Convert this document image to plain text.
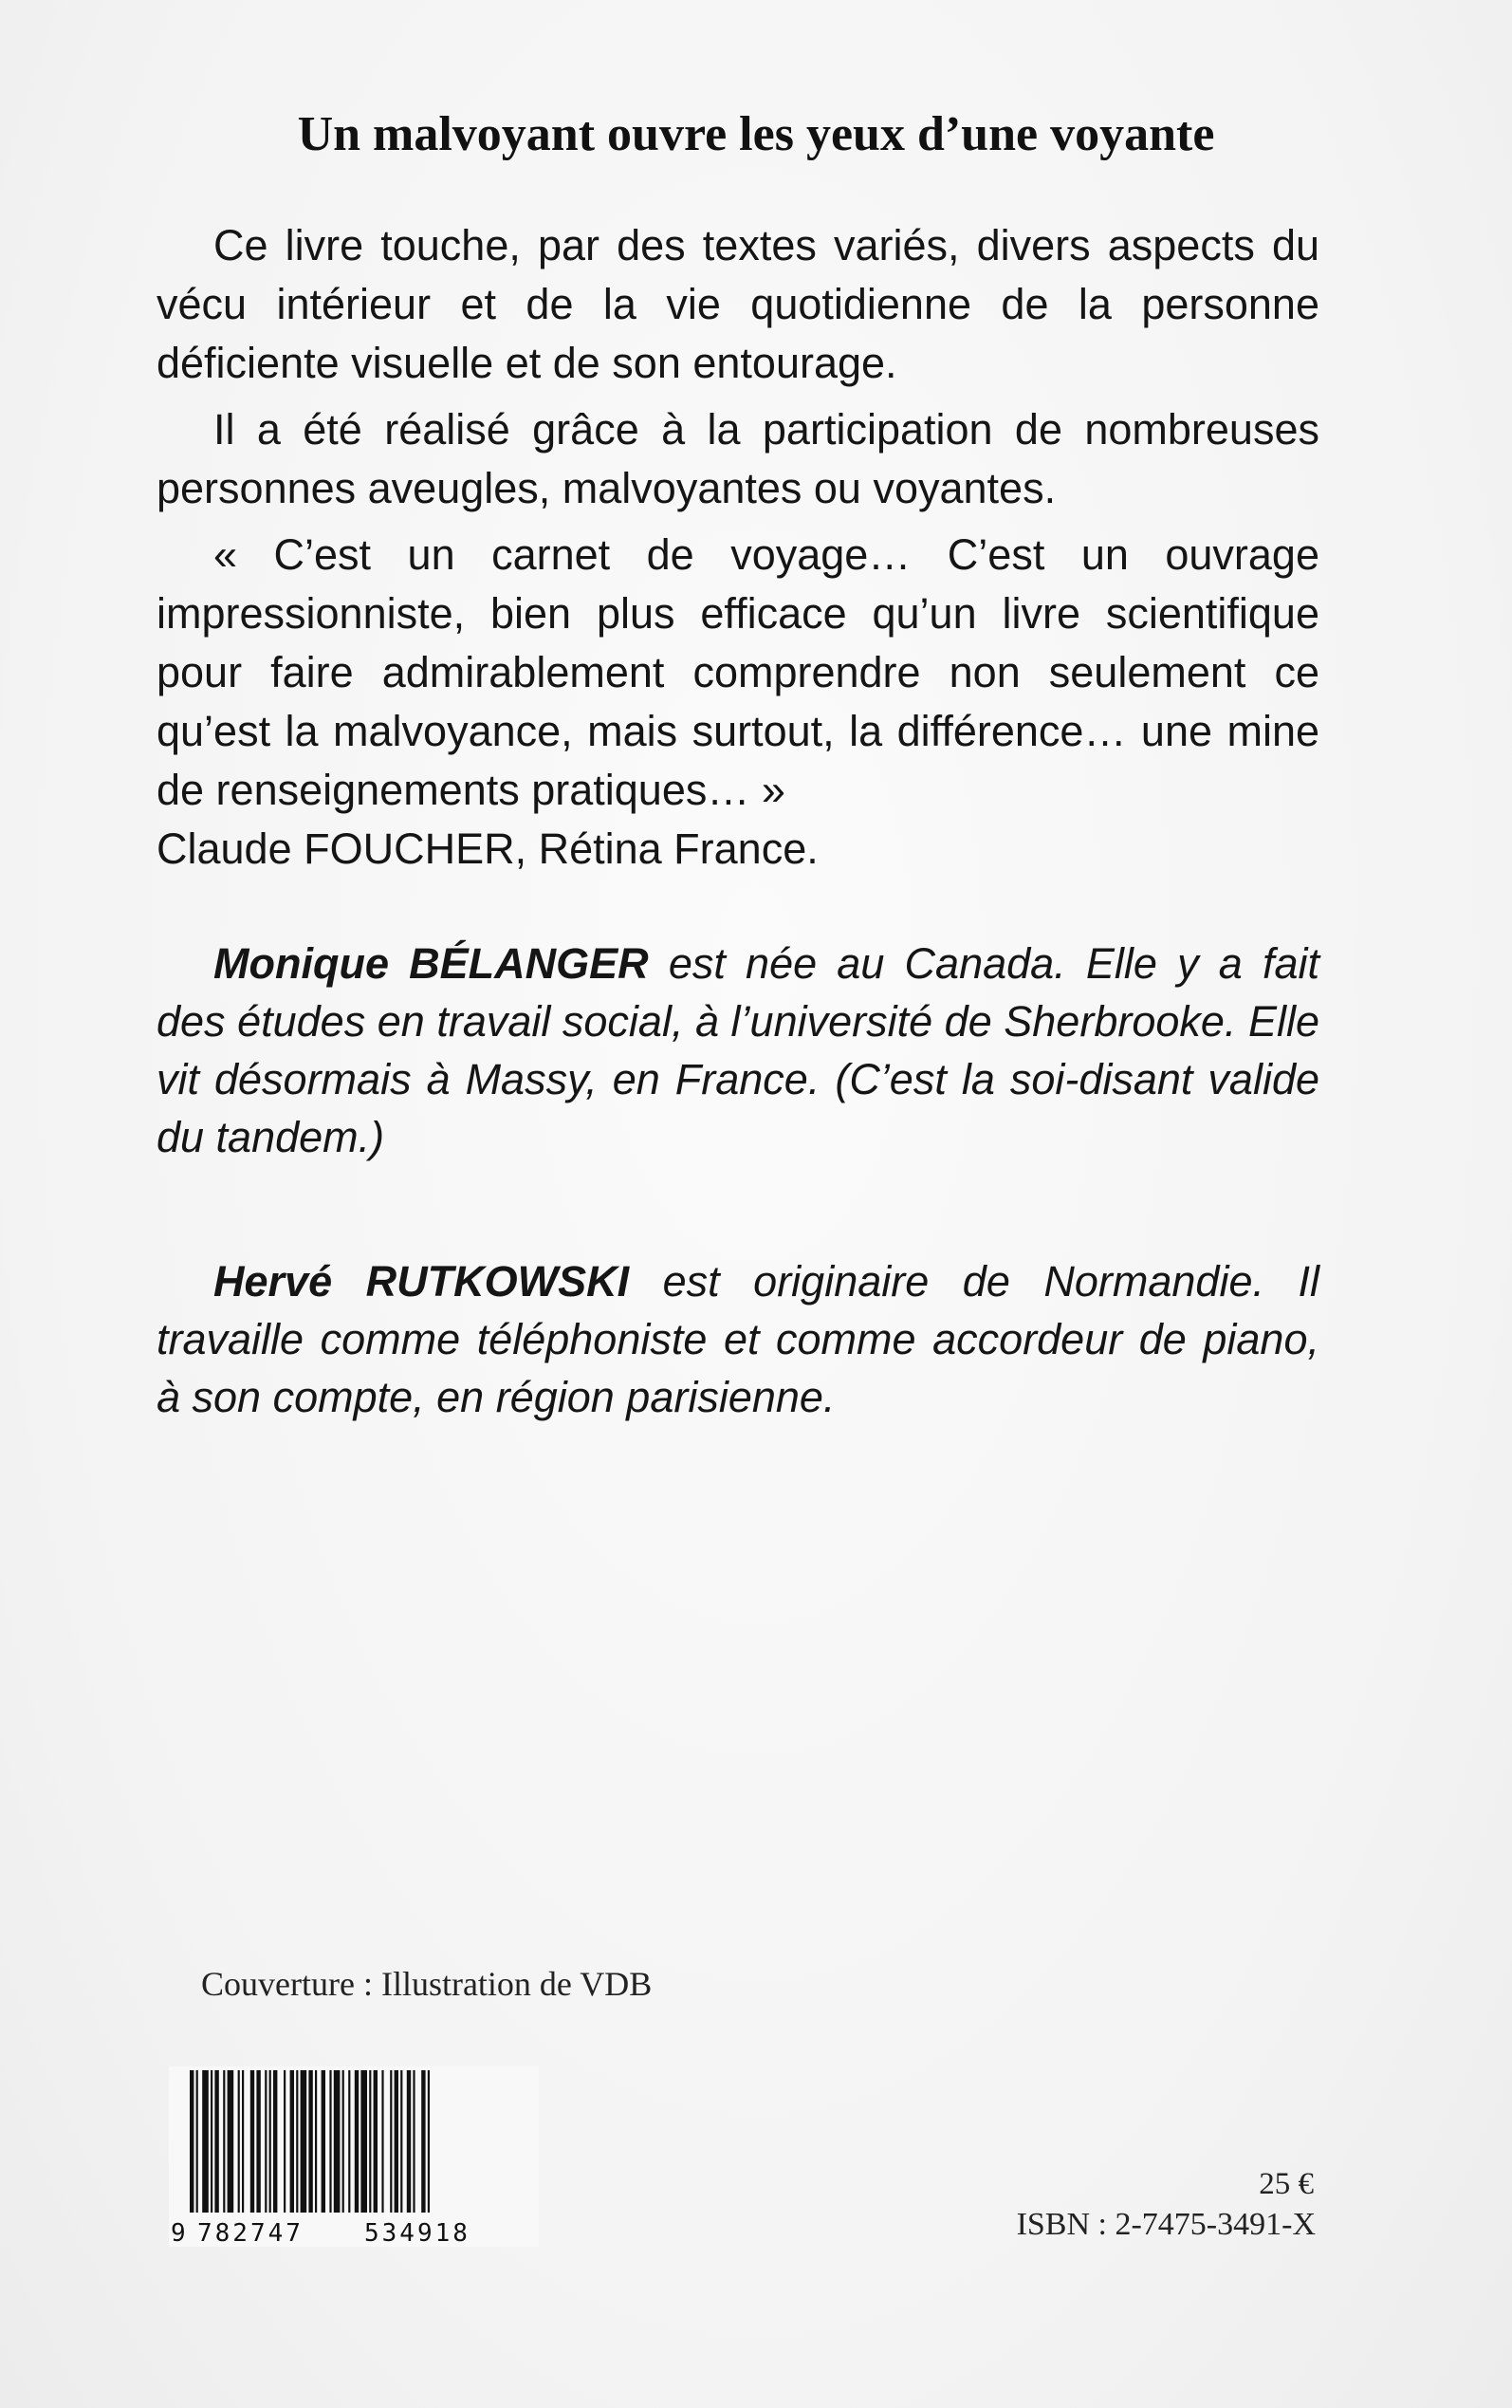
Un malvoyant ouvre les yeux d’une voyante

Ce livre touche, par des textes variés, divers aspects du vécu intérieur et de la vie quotidienne de la personne déficiente visuelle et de son entourage.

Il a été réalisé grâce à la participation de nombreuses personnes aveugles, malvoyantes ou voyantes.

« C’est un carnet de voyage… C’est un ouvrage impressionniste, bien plus efficace qu’un livre scientifique pour faire admirablement comprendre non seulement ce qu’est la malvoyance, mais surtout, la différence… une mine de renseignements pratiques… »

Claude FOUCHER, Rétina France.

Monique BÉLANGER est née au Canada. Elle y a fait des études en travail social, à l’université de Sherbrooke. Elle vit désormais à Massy, en France. (C’est la soi-disant valide du tandem.)

Hervé RUTKOWSKI est originaire de Normandie. Il travaille comme téléphoniste et comme accordeur de piano, à son compte, en région parisienne.

Couverture : Illustration de VDB
9 782747 534918
25 €
ISBN : 2-7475-3491-X
